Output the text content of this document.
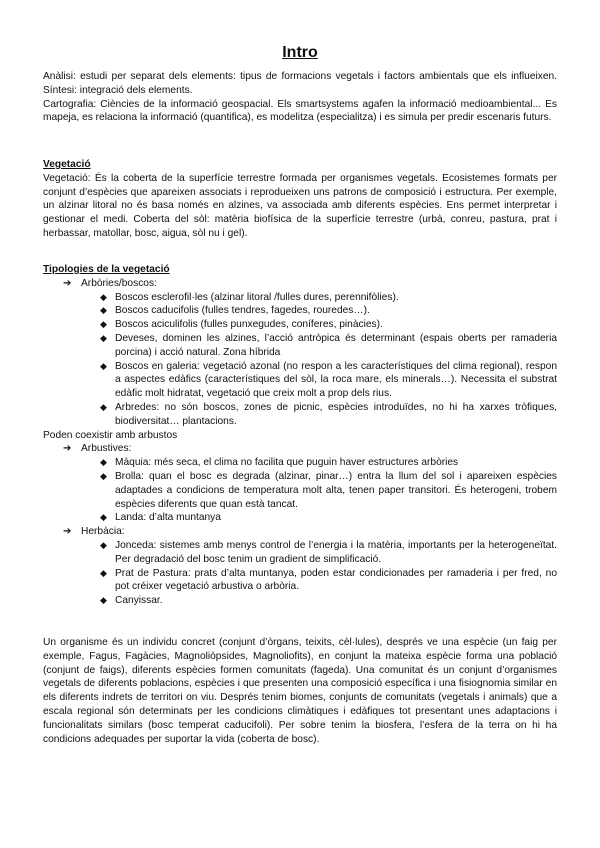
Intro

Anàlisi: estudi per separat dels elements: tipus de formacions vegetals i factors ambientals que els influeixen. Síntesi: integració dels elements.

Cartografia: Ciències de la informació geospacial. Els smartsystems agafen la informació medioambiental... Es mapeja, es relaciona la informació (quantifica), es modelitza (especialitza) i es simula per predir escenaris futurs.

Vegetació

Vegetació: És la coberta de la superfície terrestre formada per organismes vegetals. Ecosistemes formats per conjunt d’espècies que apareixen associats i reprodueixen uns patrons de composició i estructura. Per exemple, un alzinar litoral no és basa només en alzines, va associada amb diferents espècies. Ens permet interpretar i gestionar el medi. Coberta del sòl: matèria biofísica de la superfície terrestre (urbà, conreu, pastura, prat i herbassar, matollar, bosc, aigua, sòl nu i gel).

Tipologies de la vegetació

➔ Arbòries/boscos:

◆ Boscos esclerofil·les (alzinar litoral /fulles dures, perennifòlies).

◆ Boscos caducifolis (fulles tendres, fagedes, rouredes…).

◆ Boscos aciculifolis (fulles punxegudes, coníferes, pinàcies).

◆ Deveses, dominen les alzines, l’acció antròpica és determinant (espais oberts per ramaderia porcina) i acció natural. Zona híbrida

◆ Boscos en galeria: vegetació azonal (no respon a les característiques del clima regional), respon a aspectes edàfics (característiques del sòl, la roca mare, els minerals…). Necessita el substrat edàfic molt hidratat, vegetació que creix molt a prop dels rius.

◆ Arbredes: no són boscos, zones de picnic, espècies introduïdes, no hi ha xarxes tròfiques, biodiversitat… plantacions.

Poden coexistir amb arbustos

➔ Arbustives:

◆ Màquia: més seca, el clima no facilita que puguin haver estructures arbòries

◆ Brolla: quan el bosc es degrada (alzinar, pinar…) entra la llum del sol i apareixen espècies adaptades a condicions de temperatura molt alta, tenen paper transitori. És heterogeni, trobem espècies diferents que quan està tancat.

◆ Landa: d’alta muntanya

➔ Herbàcia:

◆ Jonceda: sistemes amb menys control de l’energia i la matèria, importants per la heterogeneïtat. Per degradació del bosc tenim un gradient de simplificació.

◆ Prat de Pastura: prats d’alta muntanya, poden estar condicionades per ramaderia i per fred, no pot créixer vegetació arbustiva o arbòria.

◆ Canyissar.

Un organisme és un individu concret (conjunt d’òrgans, teixits, cèl·lules), després ve una espècie (un faig per exemple, Fagus, Fagàcies, Magnoliòpsides, Magnoliofits), en conjunt la mateixa espècie forma una població (conjunt de faigs), diferents espècies formen comunitats (fageda). Una comunitat és un conjunt d’organismes vegetals de diferents poblacions, espècies i que presenten una composició específica i una fisiognomia similar en els diferents indrets de territori on viu. Després tenim biomes, conjunts de comunitats (vegetals i animals) que a escala regional són determinats per les condicions climàtiques i edàfiques tot presentant unes adaptacions i funcionalitats similars (bosc temperat caducifoli). Per sobre tenim la biosfera, l’esfera de la terra on hi ha condicions adequades per suportar la vida (coberta de bosc).
